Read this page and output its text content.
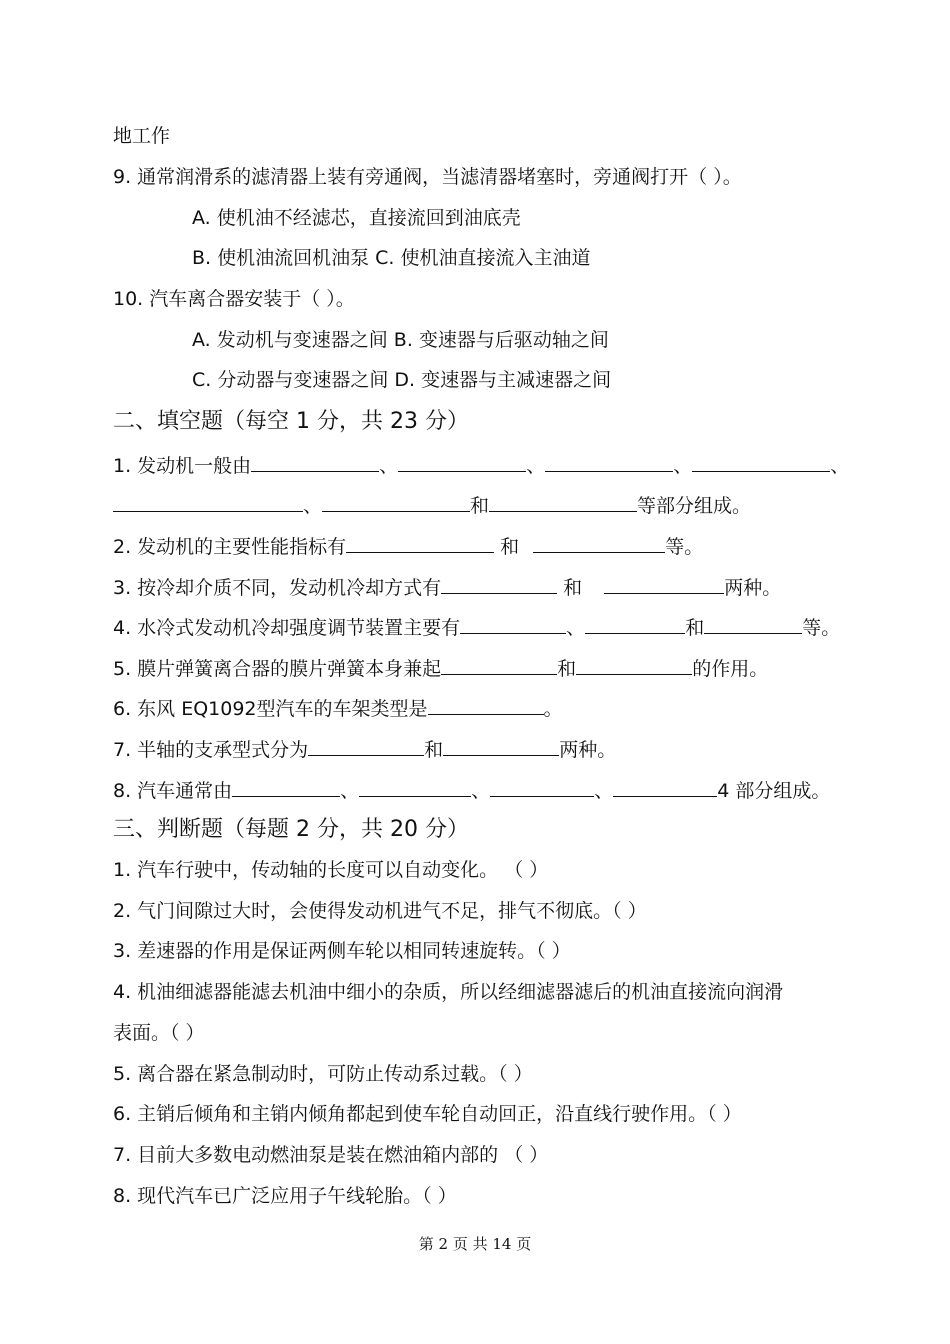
地工作
9. 通常润滑系的滤清器上装有旁通阀，当滤清器堵塞时，旁通阀打开（ ）。
A. 使机油不经滤芯，直接流回到油底壳
B. 使机油流回机油泵 C. 使机油直接流入主油道
10. 汽车离合器安装于（ ）。
A. 发动机与变速器之间 B. 变速器与后驱动轴之间
C. 分动器与变速器之间 D. 变速器与主减速器之间
二、填空题（每空 1 分，共 23 分）
1. 发动机一般由	、	、	、	、
、	和	等部分组成。
2. 发动机的主要性能指标有	和	等。
3. 按冷却介质不同，发动机冷却方式有	和	两种。
4. 水冷式发动机冷却强度调节装置主要有	、	和	等。
5. 膜片弹簧离合器的膜片弹簧本身兼起	和	的作用。
6. 东风 EQ1092型汽车的车架类型是	。
7. 半轴的支承型式分为	和	两种。
8. 汽车通常由	、	、	、	4 部分组成。
三、判断题（每题 2 分，共 20 分）
1. 汽车行驶中，传动轴的长度可以自动变化。 （ ）
2. 气门间隙过大时，会使得发动机进气不足，排气不彻底。（ ）
3. 差速器的作用是保证两侧车轮以相同转速旋转。（ ）
4. 机油细滤器能滤去机油中细小的杂质，所以经细滤器滤后的机油直接流向润滑
表面。（ ）
5. 离合器在紧急制动时，可防止传动系过载。（ ）
6. 主销后倾角和主销内倾角都起到使车轮自动回正，沿直线行驶作用。（ ）
7. 目前大多数电动燃油泵是装在燃油箱内部的 （ ）
8. 现代汽车已广泛应用子午线轮胎。（ ）
第 2 页 共 14 页
